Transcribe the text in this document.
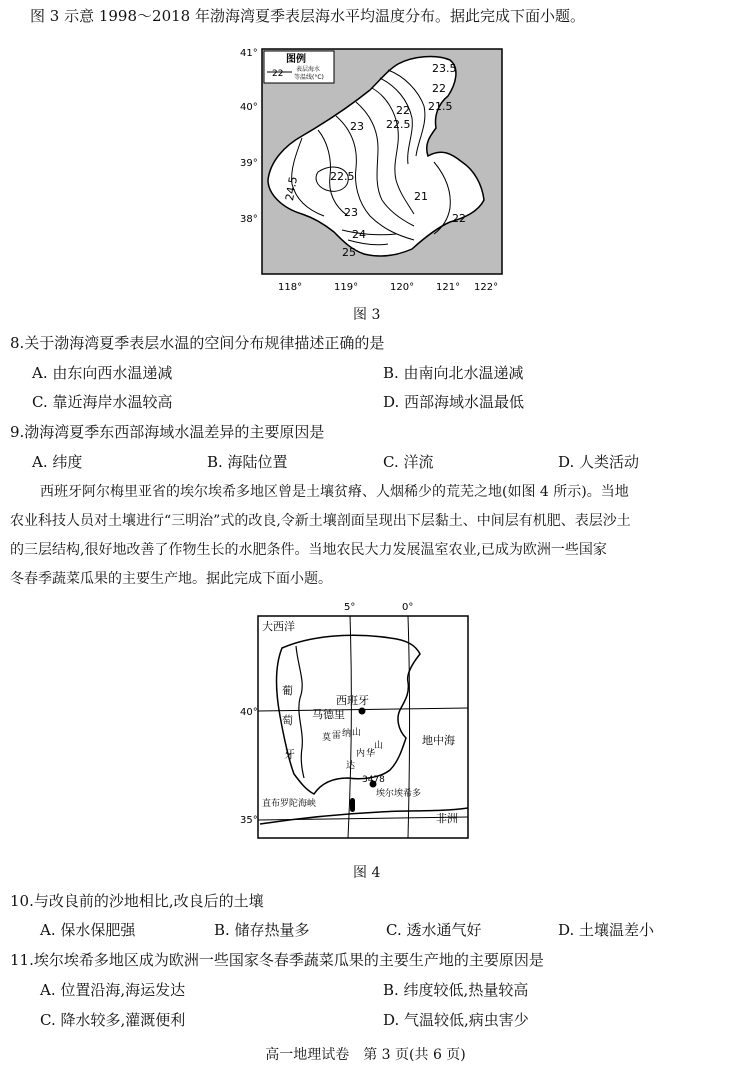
图 3 示意 1998～2018 年渤海湾夏季表层海水平均温度分布。据此完成下面小题。
23.5
22
21.5
22
22.5
23
22.5
24.5	21
22
23
24
25
图例
22 表层海水
等温线(°C)
41°
40°
39°
38°
118°	119°	120° 121° 122°
图 3
8.关于渤海湾夏季表层水温的空间分布规律描述正确的是
A. 由东向西水温递减	B. 由南向北水温递减
C. 靠近海岸水温较高	D. 西部海域水温最低
9.渤海湾夏季东西部海域水温差异的主要原因是
A. 纬度	B. 海陆位置	C. 洋流	D. 人类活动
西班牙阿尔梅里亚省的埃尔埃希多地区曾是土壤贫瘠、人烟稀少的荒芜之地(如图 4 所示)。当地
农业科技人员对土壤进行“三明治”式的改良,令新土壤剖面呈现出下层黏土、中间层有机肥、表层沙土
的三层结构,很好地改善了作物生长的水肥条件。当地农民大力发展温室农业,已成为欧洲一些国家
冬春季蔬菜瓜果的主要生产地。据此完成下面小题。
大西洋
西班牙
马德里
地中海
葡
萄
牙
非洲
莫 雷 纳 山
内 华
达
山
3478
埃尔埃希多
直布罗陀海峡
5°	0°
40°
35°
图 4
10.与改良前的沙地相比,改良后的土壤
A. 保水保肥强	B. 储存热量多	C. 透水通气好	D. 土壤温差小
11.埃尔埃希多地区成为欧洲一些国家冬春季蔬菜瓜果的主要生产地的主要原因是
A. 位置沿海,海运发达	B. 纬度较低,热量较高
C. 降水较多,灌溉便利	D. 气温较低,病虫害少
高一地理试卷　第 3 页(共 6 页)
